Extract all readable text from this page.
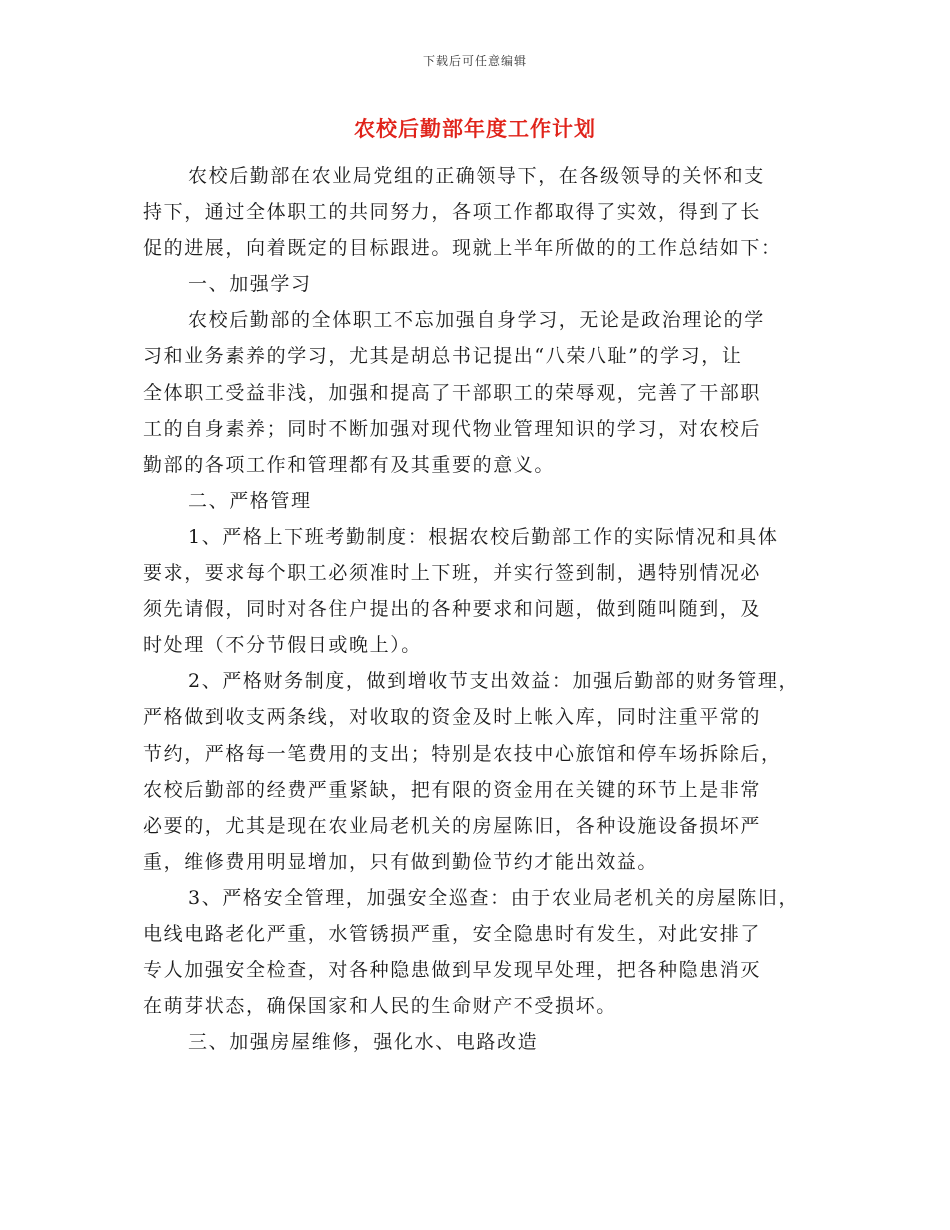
下载后可任意编辑
农校后勤部年度工作计划
农校后勤部在农业局党组的正确领导下，在各级领导的关怀和支
持下，通过全体职工的共同努力，各项工作都取得了实效，得到了长
促的进展，向着既定的目标跟进。现就上半年所做的的工作总结如下：
一、加强学习
农校后勤部的全体职工不忘加强自身学习，无论是政治理论的学
习和业务素养的学习，尤其是胡总书记提出“八荣八耻”的学习，让
全体职工受益非浅，加强和提高了干部职工的荣辱观，完善了干部职
工的自身素养；同时不断加强对现代物业管理知识的学习，对农校后
勤部的各项工作和管理都有及其重要的意义。
二、严格管理
1、严格上下班考勤制度：根据农校后勤部工作的实际情况和具体
要求，要求每个职工必须准时上下班，并实行签到制，遇特别情况必
须先请假，同时对各住户提出的各种要求和问题，做到随叫随到，及
时处理（不分节假日或晚上）。
2、严格财务制度，做到增收节支出效益：加强后勤部的财务管理，
严格做到收支两条线，对收取的资金及时上帐入库，同时注重平常的
节约，严格每一笔费用的支出；特别是农技中心旅馆和停车场拆除后，
农校后勤部的经费严重紧缺，把有限的资金用在关键的环节上是非常
必要的，尤其是现在农业局老机关的房屋陈旧，各种设施设备损坏严
重，维修费用明显增加，只有做到勤俭节约才能出效益。
3、严格安全管理，加强安全巡查：由于农业局老机关的房屋陈旧，
电线电路老化严重，水管锈损严重，安全隐患时有发生，对此安排了
专人加强安全检查，对各种隐患做到早发现早处理，把各种隐患消灭
在萌芽状态，确保国家和人民的生命财产不受损坏。
三、加强房屋维修，强化水、电路改造
